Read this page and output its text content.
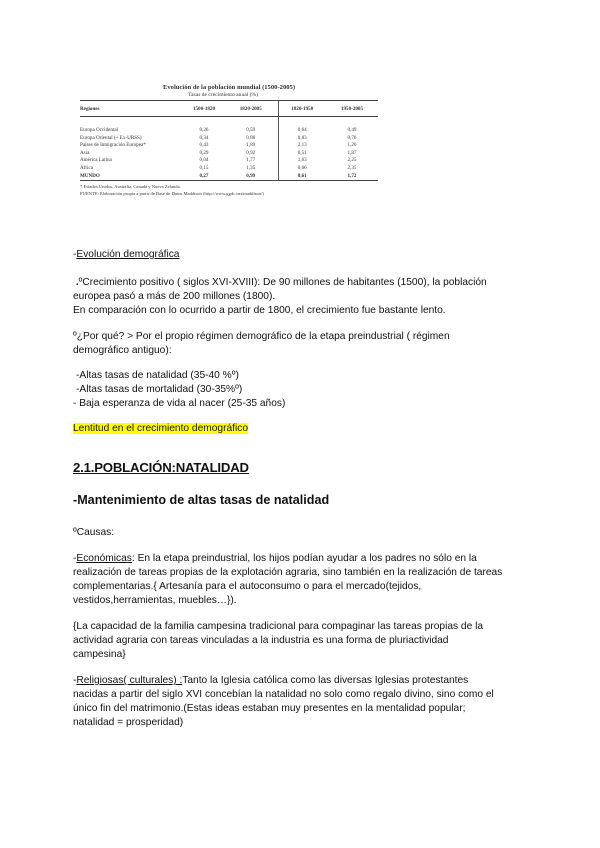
Evolución de la población mundial (1500-2005)
Tasas de crecimiento anual (%)
Regiones	1500-1820	1820-2005	1820-1950	1950-2005

Europa Occidental	0,26	0,59	0,64	0,49
Europa Oriental (+ Ex-URSS)	0,34	0,88	0,83	0,76
Países de Inmigración Europea*	0,43	1,89	2,13	1,26
Asia	0,29	0,92	0,51	1,87
América Latina	0,04	1,77	1,63	2,25
África	0,15	1,35	0,66	2,35
MUNDO	0,27	0,99	0,61	1,72
* Estados Unidos, Australia, Canadá y Nueva Zelanda
FUENTE: Elaboración propia a partir de Base de Datos Maddison (http://www.ggdc.net/maddison/)

-Evolución demográfica

.ºCrecimiento positivo ( siglos XVI-XVIII): De 90 millones de habitantes (1500), la población

europea pasó a más de 200 millones (1800).

En comparación con lo ocurrido a partir de 1800, el crecimiento fue bastante lento.

º¿Por qué? > Por el propio régimen demográfico de la etapa preindustrial ( régimen

demográfico antiguo):

-Altas tasas de natalidad (35-40 %º)

-Altas tasas de mortalidad (30-35%º)

- Baja esperanza de vida al nacer (25-35 años)

Lentitud en el crecimiento demográfico

2.1.POBLACIÓN:NATALIDAD

-Mantenimiento de altas tasas de natalidad

ºCausas:

-Económicas: En la etapa preindustrial, los hijos podían ayudar a los padres no sólo en la

realización de tareas propias de la explotación agraria, sino también en la realización de tareas

complementarias.{ Artesanía para el autoconsumo o para el mercado(tejidos,

vestidos,herramientas, muebles…}).

{La capacidad de la familia campesina tradicional para compaginar las tareas propias de la

actividad agraria con tareas vinculadas a la industria es una forma de pluriactividad

campesina}

-Religiosas( culturales) :Tanto la Iglesia católica como las diversas Iglesias protestantes

nacidas a partir del siglo XVI concebían la natalidad no solo como regalo divino, sino como el

único fin del matrimonio.(Estas ideas estaban muy presentes en la mentalidad popular;

natalidad = prosperidad)
